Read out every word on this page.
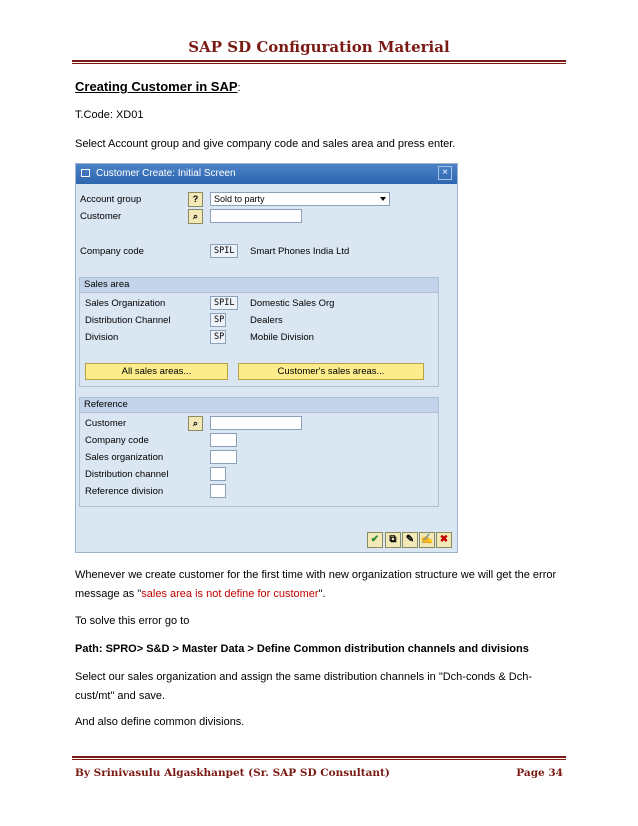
SAP SD Configuration Material
Creating Customer in SAP:
T.Code: XD01
Select Account group and give company code and sales area and press enter.
Customer Create: Initial Screen	×
Account group	?	Sold to party
Customer	⌕
Company code	SPIL	Smart Phones India Ltd
Sales area
Sales Organization	SPIL	Domestic Sales Org
Distribution Channel	SP	Dealers
Division	SP	Mobile Division
All sales areas...	Customer's sales areas...
Reference
Customer	⌕
Company code
Sales organization
Distribution channel
Reference division
✔	⧉ ✎ ✍ ✖
Whenever we create customer for the first time with new organization structure we will get the error message as "sales area is not define for customer".
To solve this error go to
Path: SPRO> S&D > Master Data > Define Common distribution channels and divisions
Select our sales organization and assign the same distribution channels in "Dch-conds & Dch-cust/mt" and save.
And also define common divisions.
By Srinivasulu Algaskhanpet (Sr. SAP SD Consultant)	Page 34
